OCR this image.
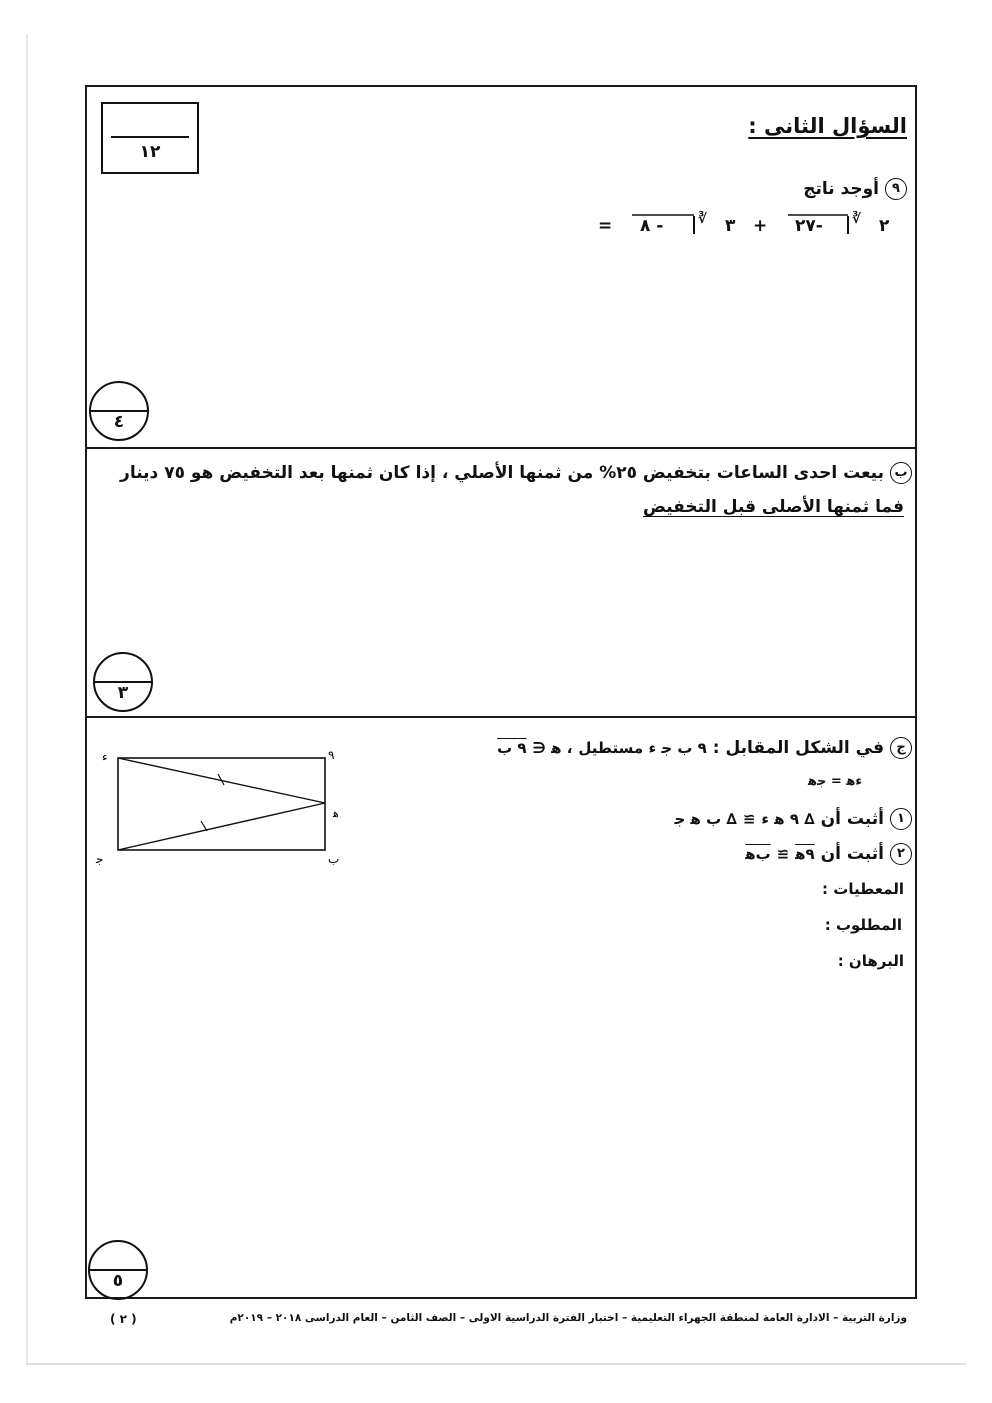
١٢
السؤال الثانى :
٩أوجد ناتج
٢
∛
٢٧-
+
٣
∛
٨ -
=
٤
ببيعت احدى الساعات بتخفيض ٢٥% من ثمنها الأصلي ، إذا كان ثمنها بعد التخفيض هو ٧٥ دينار
فما ثمنها الأصلى قبل التخفيض
٣
جفي الشكل المقابل : ٩ ب ﺟ ء مستطيل ، ﻫ ∈ ٩ ب
ءﻫ = ﺟﻫ
١أثبت أن ∆ ٩ ﻫ ء ≅ ∆ ب ﻫ ﺟ
٢أثبت أن ٩ﻫ ≅ بﻫ
المعطيات :
المطلوب :
البرهان :
٩
ء
ﻫ
ب
ﺟ
٥
وزارة التربية – الادارة العامة لمنطقة الجهراء التعليمية – اختبار الفترة الدراسية الاولى – الصف الثامن – العام الدراسى ٢٠١٨ – ٢٠١٩م
( ٢ )
